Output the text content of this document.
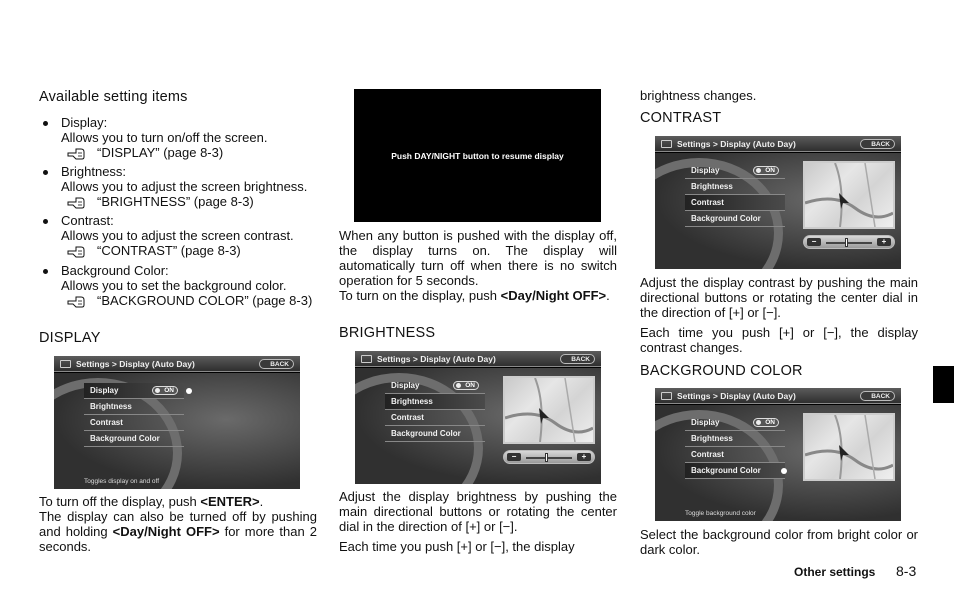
Available setting items
Display:
Allows you to turn on/off the screen.
“DISPLAY” (page 8-3)
Brightness:
Allows you to adjust the screen brightness.
“BRIGHTNESS” (page 8-3)
Contrast:
Allows you to adjust the screen contrast.
“CONTRAST” (page 8-3)
Background Color:
Allows you to set the background color.
“BACKGROUND COLOR” (page 8-3)
DISPLAY
Settings > Display (Auto Day)	BACK
Display	ON
Brightness
Contrast
Background Color
Toggles display on and off
To turn off the display, push <ENTER>.
The display can also be turned off by pushing and holding <Day/Night OFF> for more than 2 seconds.
Push DAY/NIGHT button to resume display
When any button is pushed with the display off, the display turns on. The display will automatically turn off when there is no switch operation for 5 seconds.
To turn on the display, push <Day/Night OFF>.
BRIGHTNESS
Settings > Display (Auto Day)	BACK
Display	ON
Brightness
Contrast
Background Color
−	+
Adjust the display brightness by pushing the main directional buttons or rotating the center dial in the direction of [+] or [−].
Each time you push [+] or [−], the display
brightness changes.
CONTRAST
Settings > Display (Auto Day)	BACK
Display	ON
Brightness
Contrast
Background Color
−	+
Adjust the display contrast by pushing the main directional buttons or rotating the center dial in the direction of [+] or [−].
Each time you push [+] or [−], the display contrast changes.
BACKGROUND COLOR
Settings > Display (Auto Day)	BACK
Display	ON
Brightness
Contrast
Background Color
Toggle background color
Select the background color from bright color or dark color.
Other settings 8-3
